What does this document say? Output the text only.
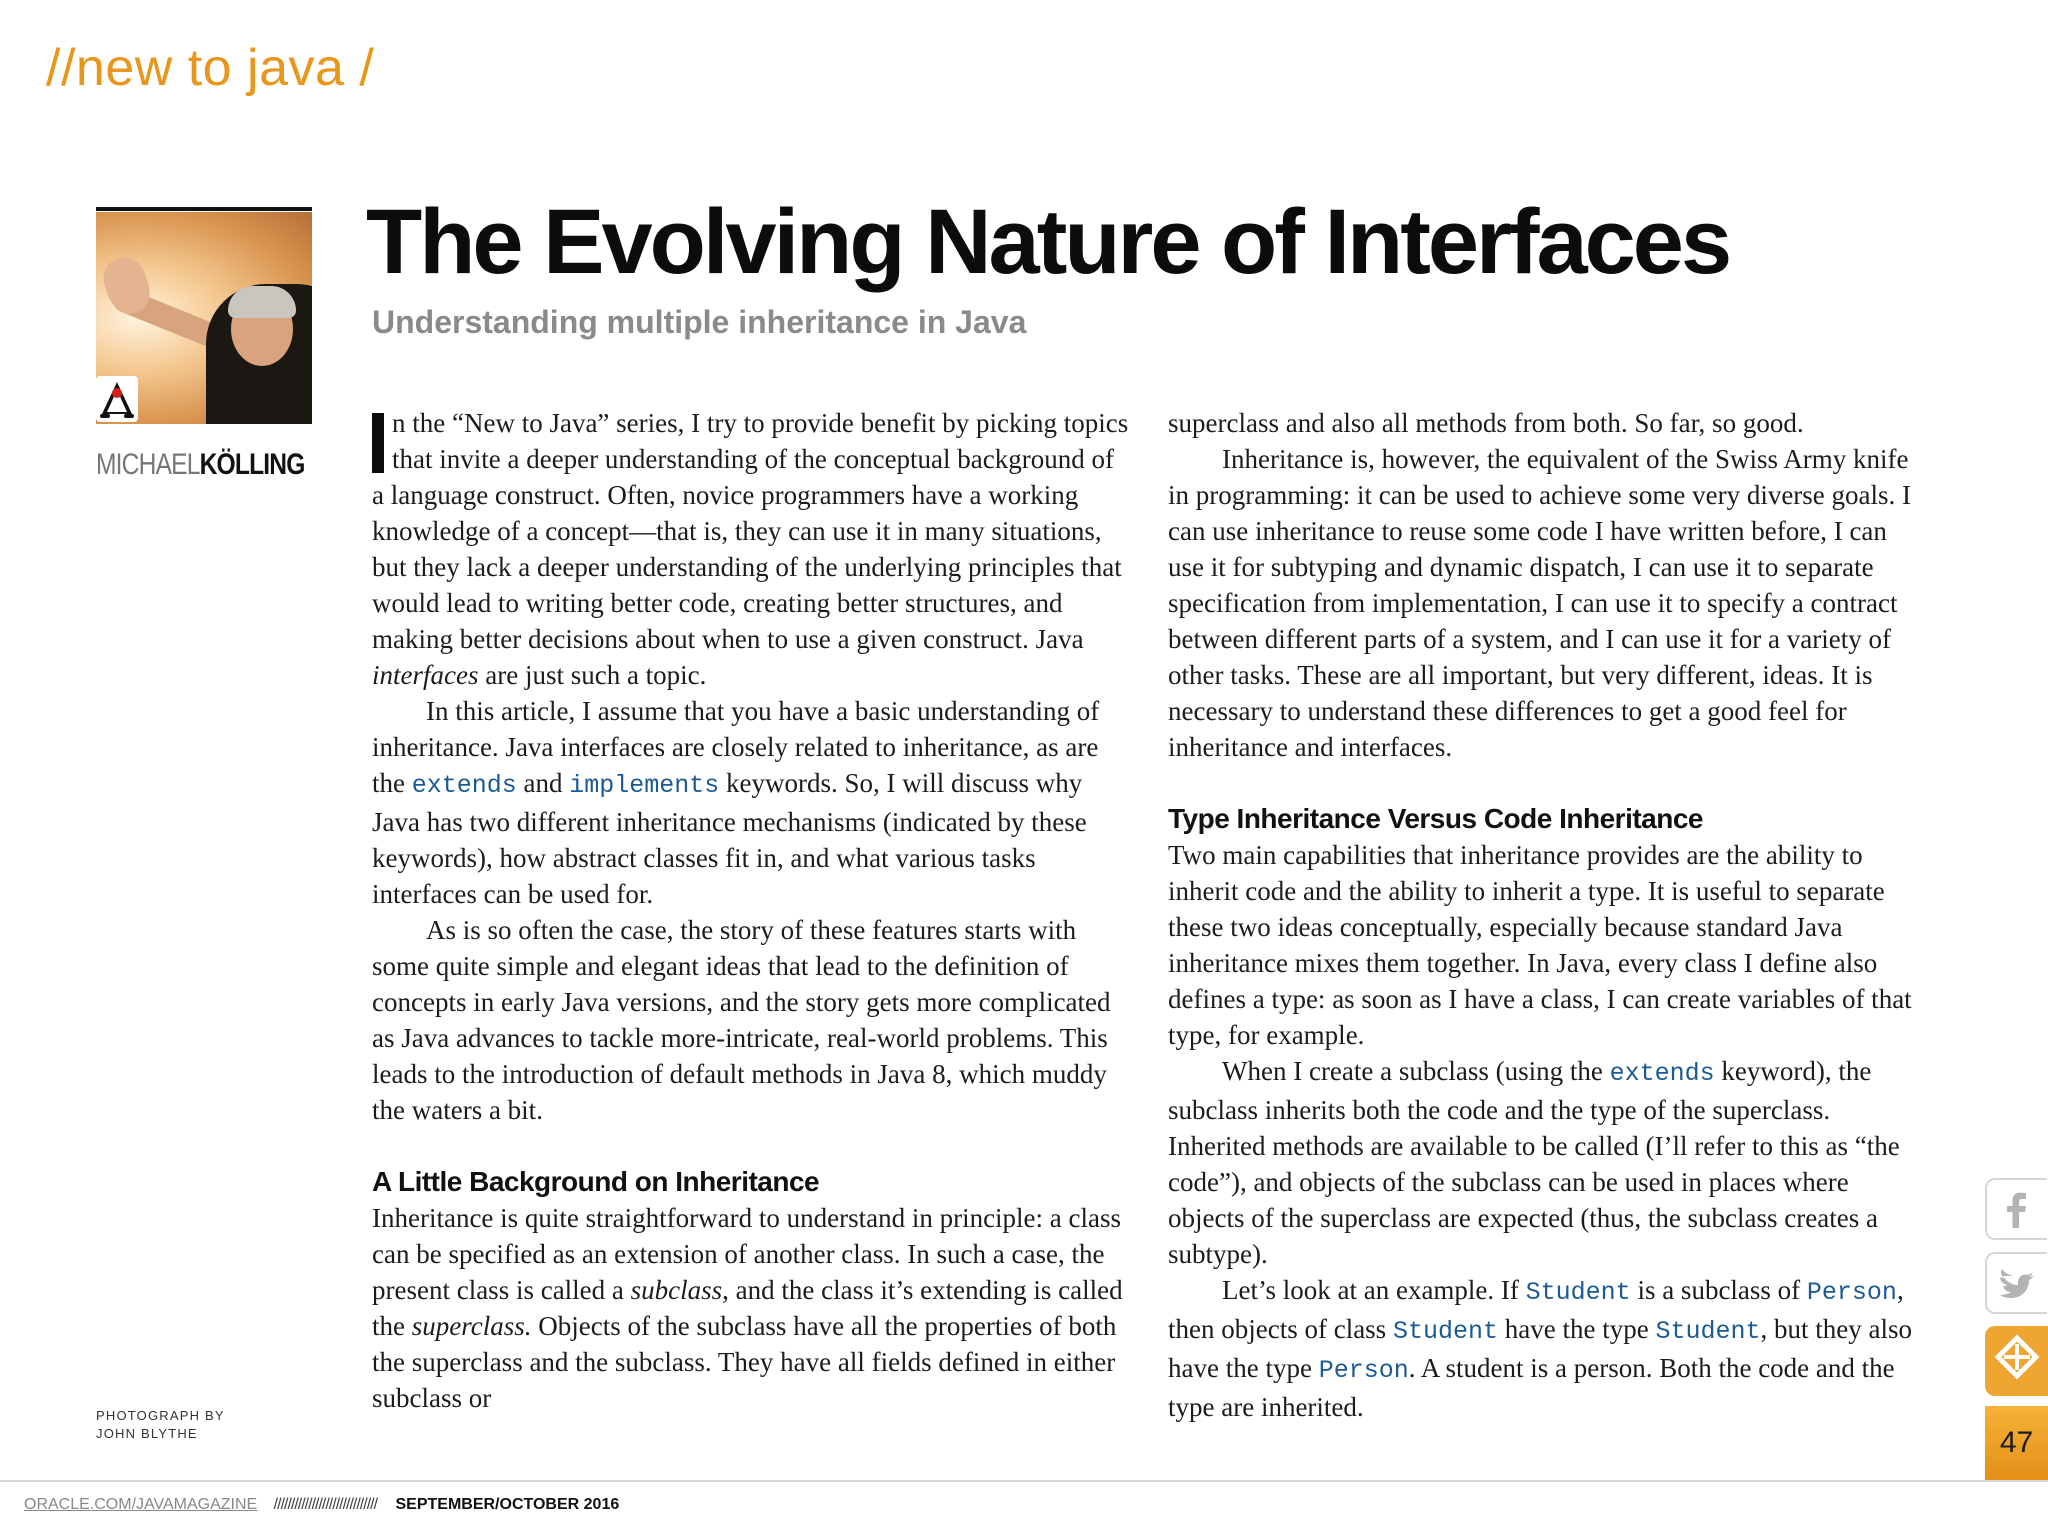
//new to java /
MICHAELKÖLLING
PHOTOGRAPH BY
JOHN BLYTHE
The Evolving Nature of Interfaces
Understanding multiple inheritance in Java

n the “New to Java” series, I try to provide benefit by picking topics that invite a deeper understanding of the conceptual background of a language construct. Often, novice programmers have a working knowledge of a concept—that is, they can use it in many situations, but they lack a deeper understanding of the underlying principles that would lead to writing better code, creating better structures, and making better decisions about when to use a given construct. Java interfaces are just such a topic.

In this article, I assume that you have a basic understanding of inheritance. Java interfaces are closely related to inheritance, as are the extends and implements keywords. So, I will discuss why Java has two different inheritance mechanisms (indicated by these keywords), how abstract classes fit in, and what various tasks interfaces can be used for.

As is so often the case, the story of these features starts with some quite simple and elegant ideas that lead to the definition of concepts in early Java versions, and the story gets more complicated as Java advances to tackle more-intricate, real-world problems. This leads to the introduction of default methods in Java 8, which muddy the waters a bit.

A Little Background on Inheritance

Inheritance is quite straightforward to understand in principle: a class can be specified as an extension of another class. In such a case, the present class is called a subclass, and the class it’s extending is called the superclass. Objects of the subclass have all the properties of both the superclass and the subclass. They have all fields defined in either subclass or

superclass and also all methods from both. So far, so good.

Inheritance is, however, the equivalent of the Swiss Army knife in programming: it can be used to achieve some very diverse goals. I can use inheritance to reuse some code I have written before, I can use it for subtyping and dynamic dispatch, I can use it to separate specification from implementation, I can use it to specify a contract between different parts of a system, and I can use it for a variety of other tasks. These are all important, but very different, ideas. It is necessary to understand these differences to get a good feel for inheritance and interfaces.

Type Inheritance Versus Code Inheritance

Two main capabilities that inheritance provides are the ability to inherit code and the ability to inherit a type. It is useful to separate these two ideas conceptually, especially because standard Java inheritance mixes them together. In Java, every class I define also defines a type: as soon as I have a class, I can create variables of that type, for example.

When I create a subclass (using the extends keyword), the subclass inherits both the code and the type of the superclass. Inherited methods are available to be called (I’ll refer to this as “the code”), and objects of the subclass can be used in places where objects of the superclass are expected (thus, the subclass creates a subtype).

Let’s look at an example. If Student is a subclass of Person, then objects of class Student have the type Student, but they also have the type Person. A student is a person. Both the code and the type are inherited.

47
ORACLE.COM/JAVAMAGAZINE ////////////////////////////// SEPTEMBER/OCTOBER 2016
